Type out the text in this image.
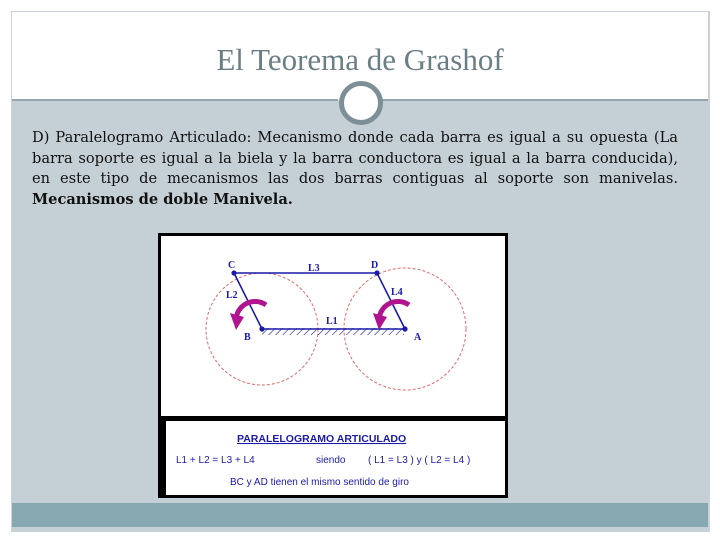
El Teorema de Grashof
D) Paralelogramo Articulado: Mecanismo donde cada barra es igual a su opuesta (La barra soporte es igual a la biela y la barra conductora es igual a la barra conducida), en este tipo de mecanismos las dos barras contiguas al soporte son manivelas. Mecanismos de doble Manivela.
C	D
B	A
L3
L2	L4
L1
PARALELOGRAMO ARTICULADO
L1 + L2 = L3 + L4	siendo ( L1 = L3 ) y ( L2 = L4 )
BC y AD tienen el mismo sentido de giro
